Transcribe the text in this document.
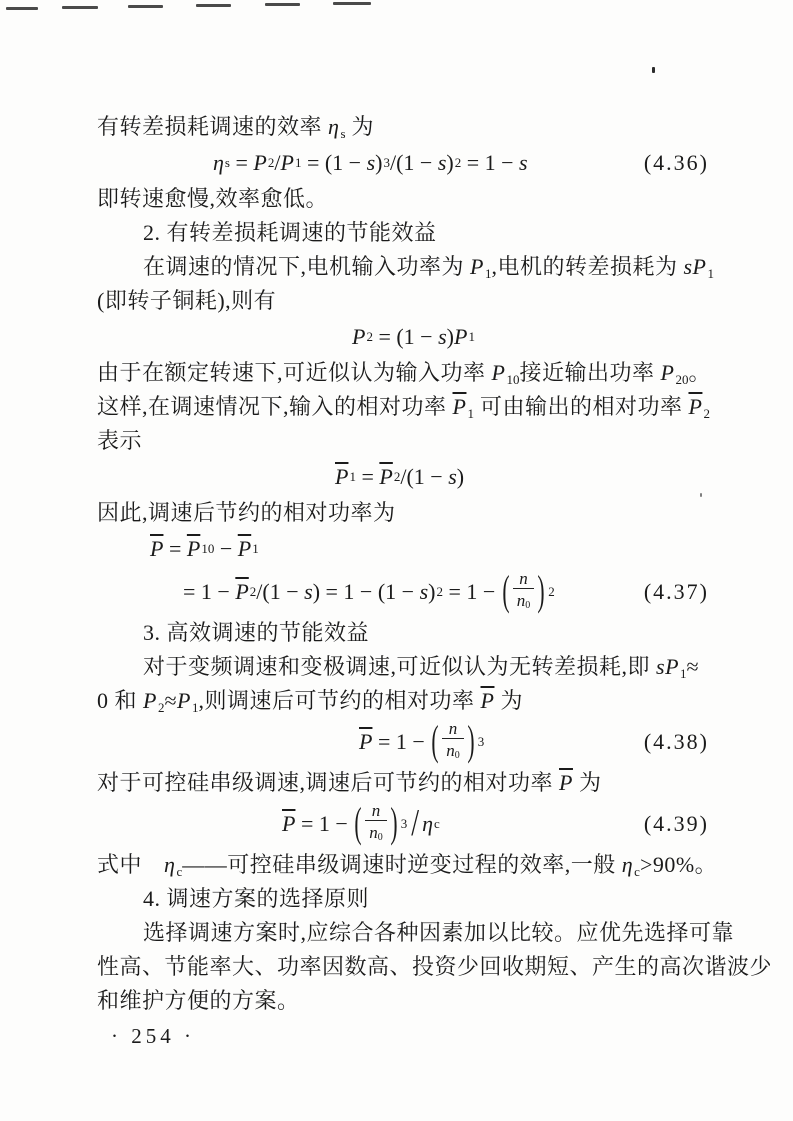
有转差损耗调速的效率 ηs 为
η s = P 2 / P 1 = (1 − s ) 3 /(1 − s ) 2 = 1 − s	(4.36)
即转速愈慢,效率愈低。
2. 有转差损耗调速的节能效益
在调速的情况下,电机输入功率为 P1,电机的转差损耗为 sP1
(即转子铜耗),则有
P 2 = (1 − s ) P 1
由于在额定转速下,可近似认为输入功率 P10接近输出功率 P20。
这样,在调速情况下,输入的相对功率 $\overline{P}1$ 可由输出的相对功率 $\overline{P}2$
表示
$\overline{P}$ $1 = \overline{P}$ 2 /(1 − s )
因此,调速后节约的相对功率为
$\overline{P} = \overline{P}$ $10 - \overline{P}$ 1
= $1 - \overline{P}$ 2 /(1 − s ) = 1 − (1 − s ) 2 = 1 − ( $\frac{n}{n0}$ ) 2	(4.37)
3. 高效调速的节能效益
对于变频调速和变极调速,可近似认为无转差损耗,即 sP1≈
0 和 P2≈P1,则调速后可节约的相对功率 $\overline{P}$ 为
$\overline{P} = 1$ − ( $\frac{n}{n0}$ ) 3	(4.38)
对于可控硅串级调速,调速后可节约的相对功率 $\overline{P}$ 为
$\overline{P} = 1$ − ( $\frac{n}{n0}$ ) 3 / η c	(4.39)
式中 ηc——可控硅串级调速时逆变过程的效率,一般 ηc>90%。
4. 调速方案的选择原则
选择调速方案时,应综合各种因素加以比较。应优先选择可靠
性高、节能率大、功率因数高、投资少回收期短、产生的高次谐波少
和维护方便的方案。
· 254 ·
